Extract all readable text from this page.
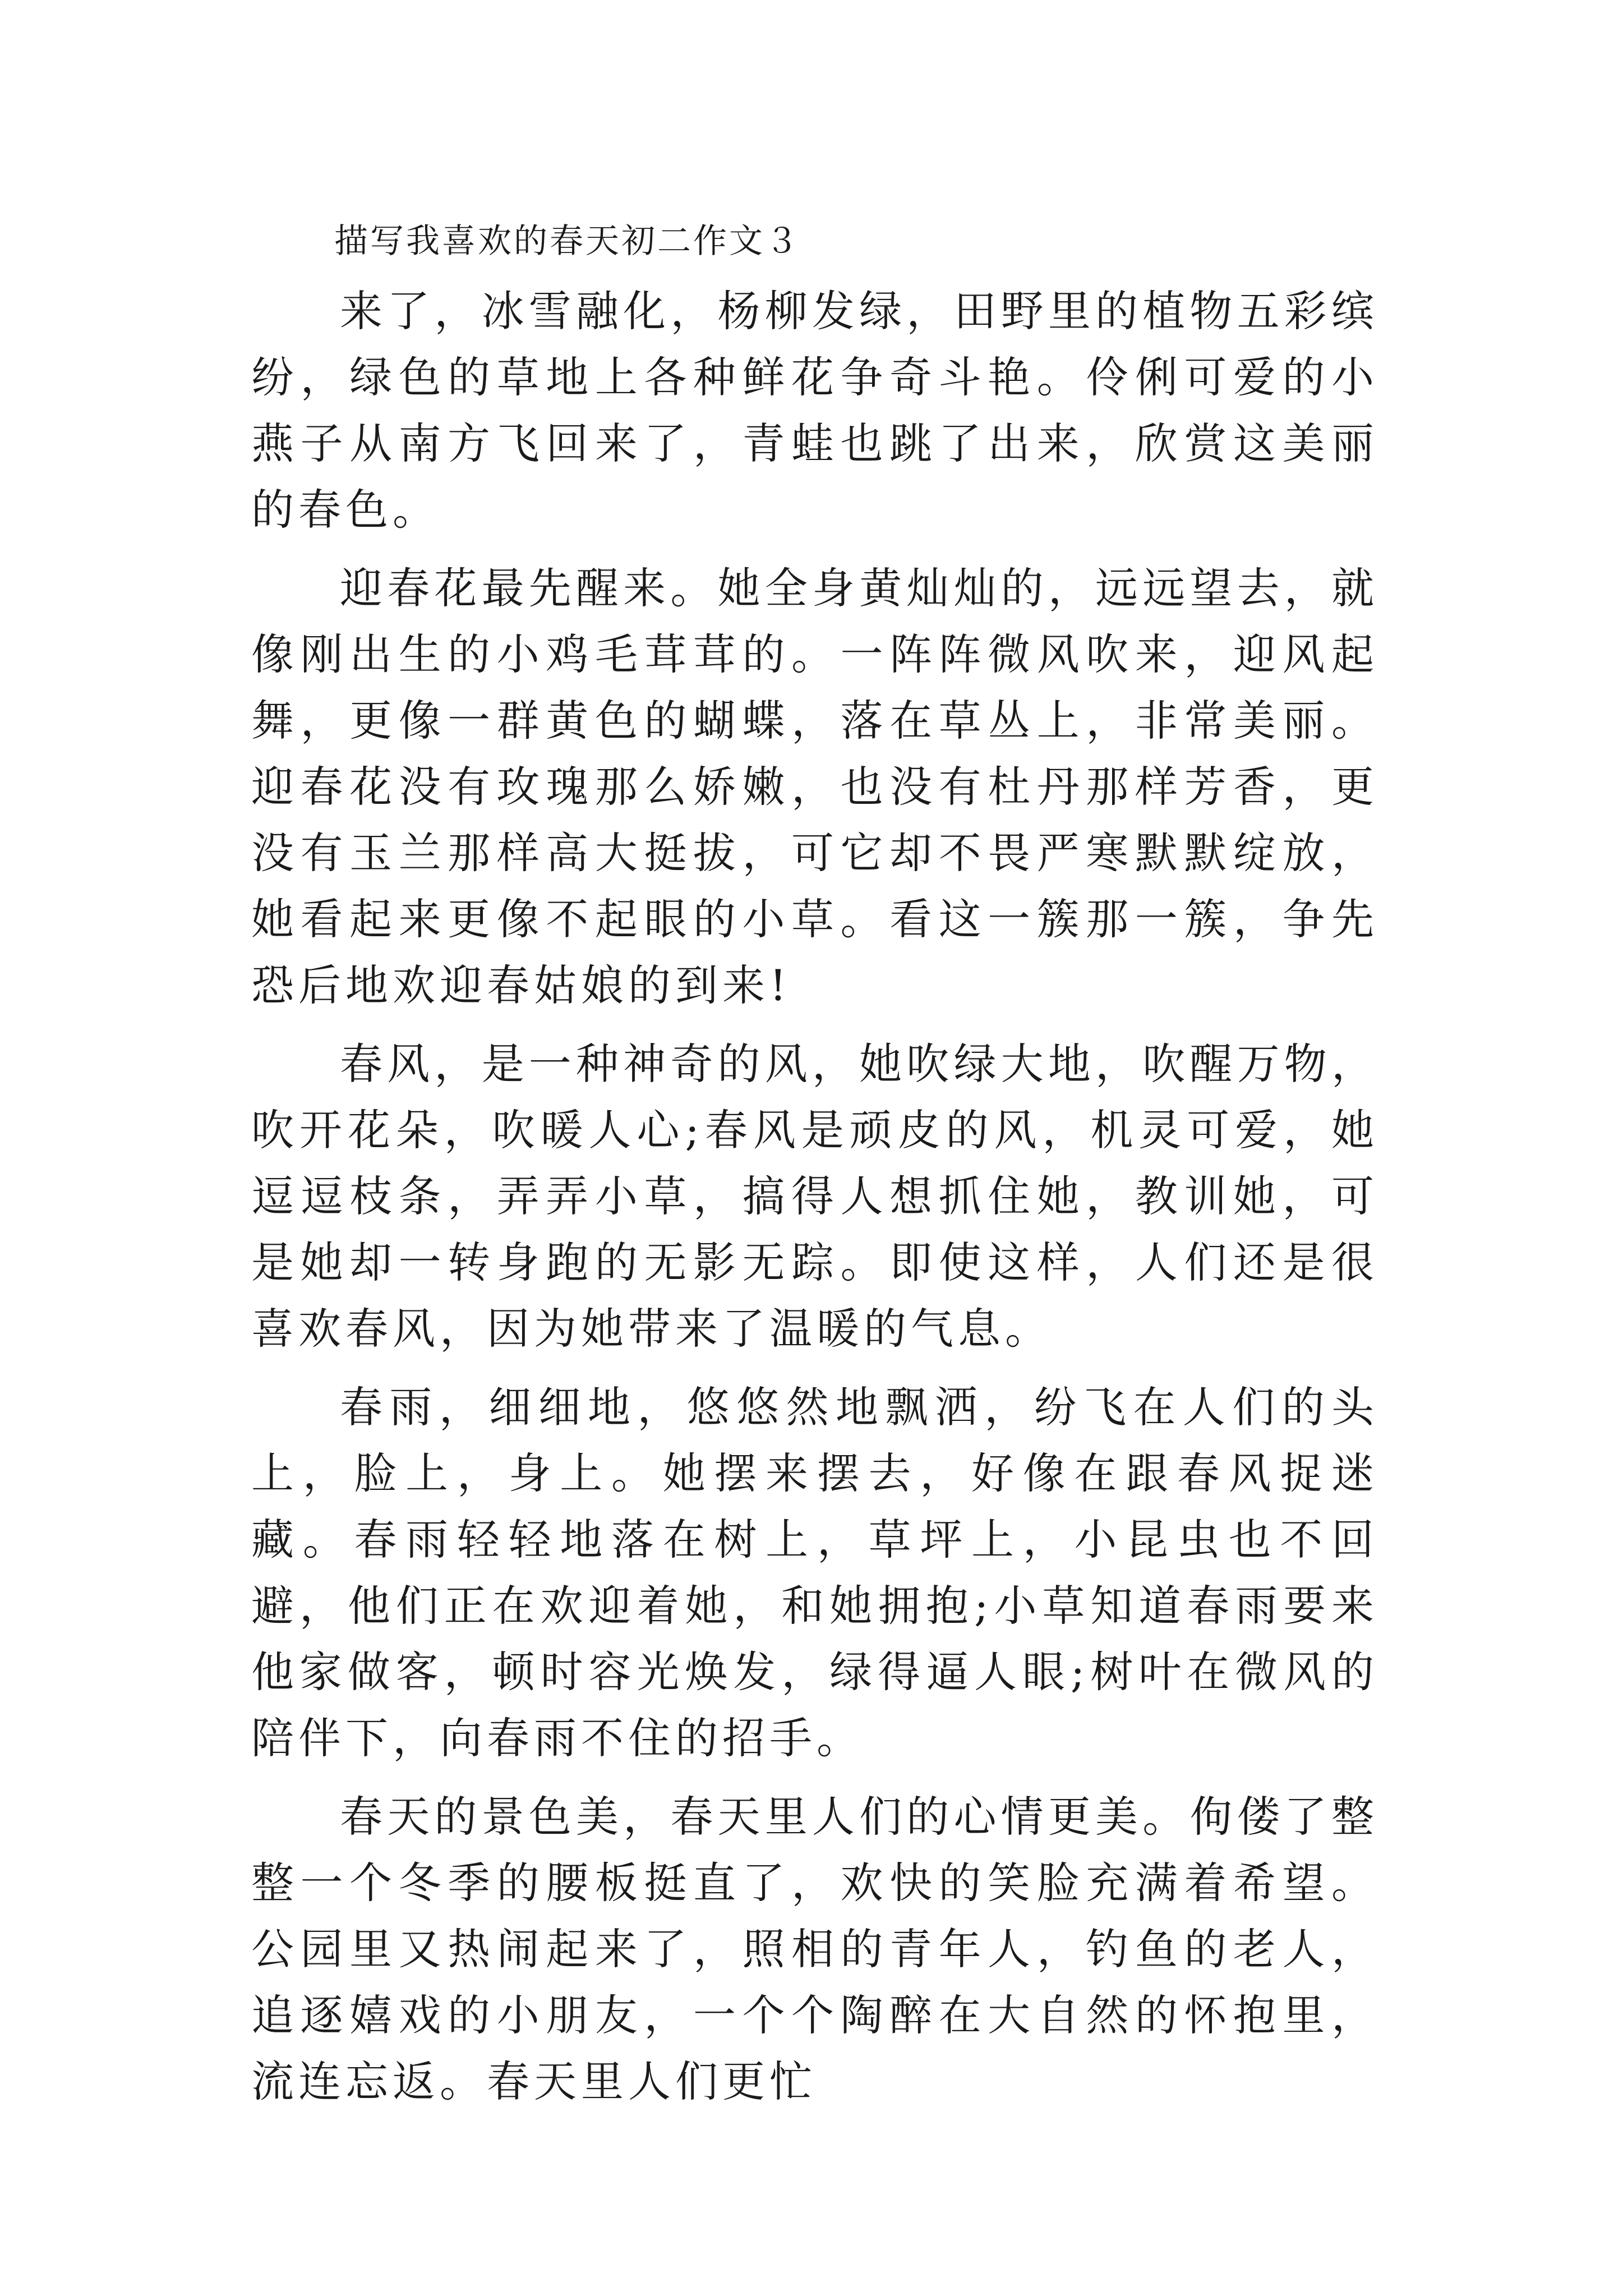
描写我喜欢的春天初二作文３

来了，冰雪融化，杨柳发绿，田野里的植物五彩缤纷，绿色的草地上各种鲜花争奇斗艳。伶俐可爱的小燕子从南方飞回来了，青蛙也跳了出来，欣赏这美丽的春色。

迎春花最先醒来。她全身黄灿灿的，远远望去，就像刚出生的小鸡毛茸茸的。一阵阵微风吹来，迎风起舞，更像一群黄色的蝴蝶，落在草丛上，非常美丽。迎春花没有玫瑰那么娇嫩，也没有杜丹那样芳香，更没有玉兰那样高大挺拔，可它却不畏严寒默默绽放，她看起来更像不起眼的小草。看这一簇那一簇，争先恐后地欢迎春姑娘的到来!

春风，是一种神奇的风，她吹绿大地，吹醒万物，吹开花朵，吹暖人心;春风是顽皮的风，机灵可爱，她逗逗枝条，弄弄小草，搞得人想抓住她，教训她，可是她却一转身跑的无影无踪。即使这样，人们还是很喜欢春风，因为她带来了温暖的气息。

春雨，细细地，悠悠然地飘洒，纷飞在人们的头上，脸上，身上。她摆来摆去，好像在跟春风捉迷藏。春雨轻轻地落在树上，草坪上，小昆虫也不回避，他们正在欢迎着她，和她拥抱;小草知道春雨要来他家做客，顿时容光焕发，绿得逼人眼;树叶在微风的陪伴下，向春雨不住的招手。

春天的景色美，春天里人们的心情更美。佝偻了整整一个冬季的腰板挺直了，欢快的笑脸充满着希望。公园里又热闹起来了，照相的青年人，钓鱼的老人，追逐嬉戏的小朋友，一个个陶醉在大自然的怀抱里，流连忘返。春天里人们更忙
